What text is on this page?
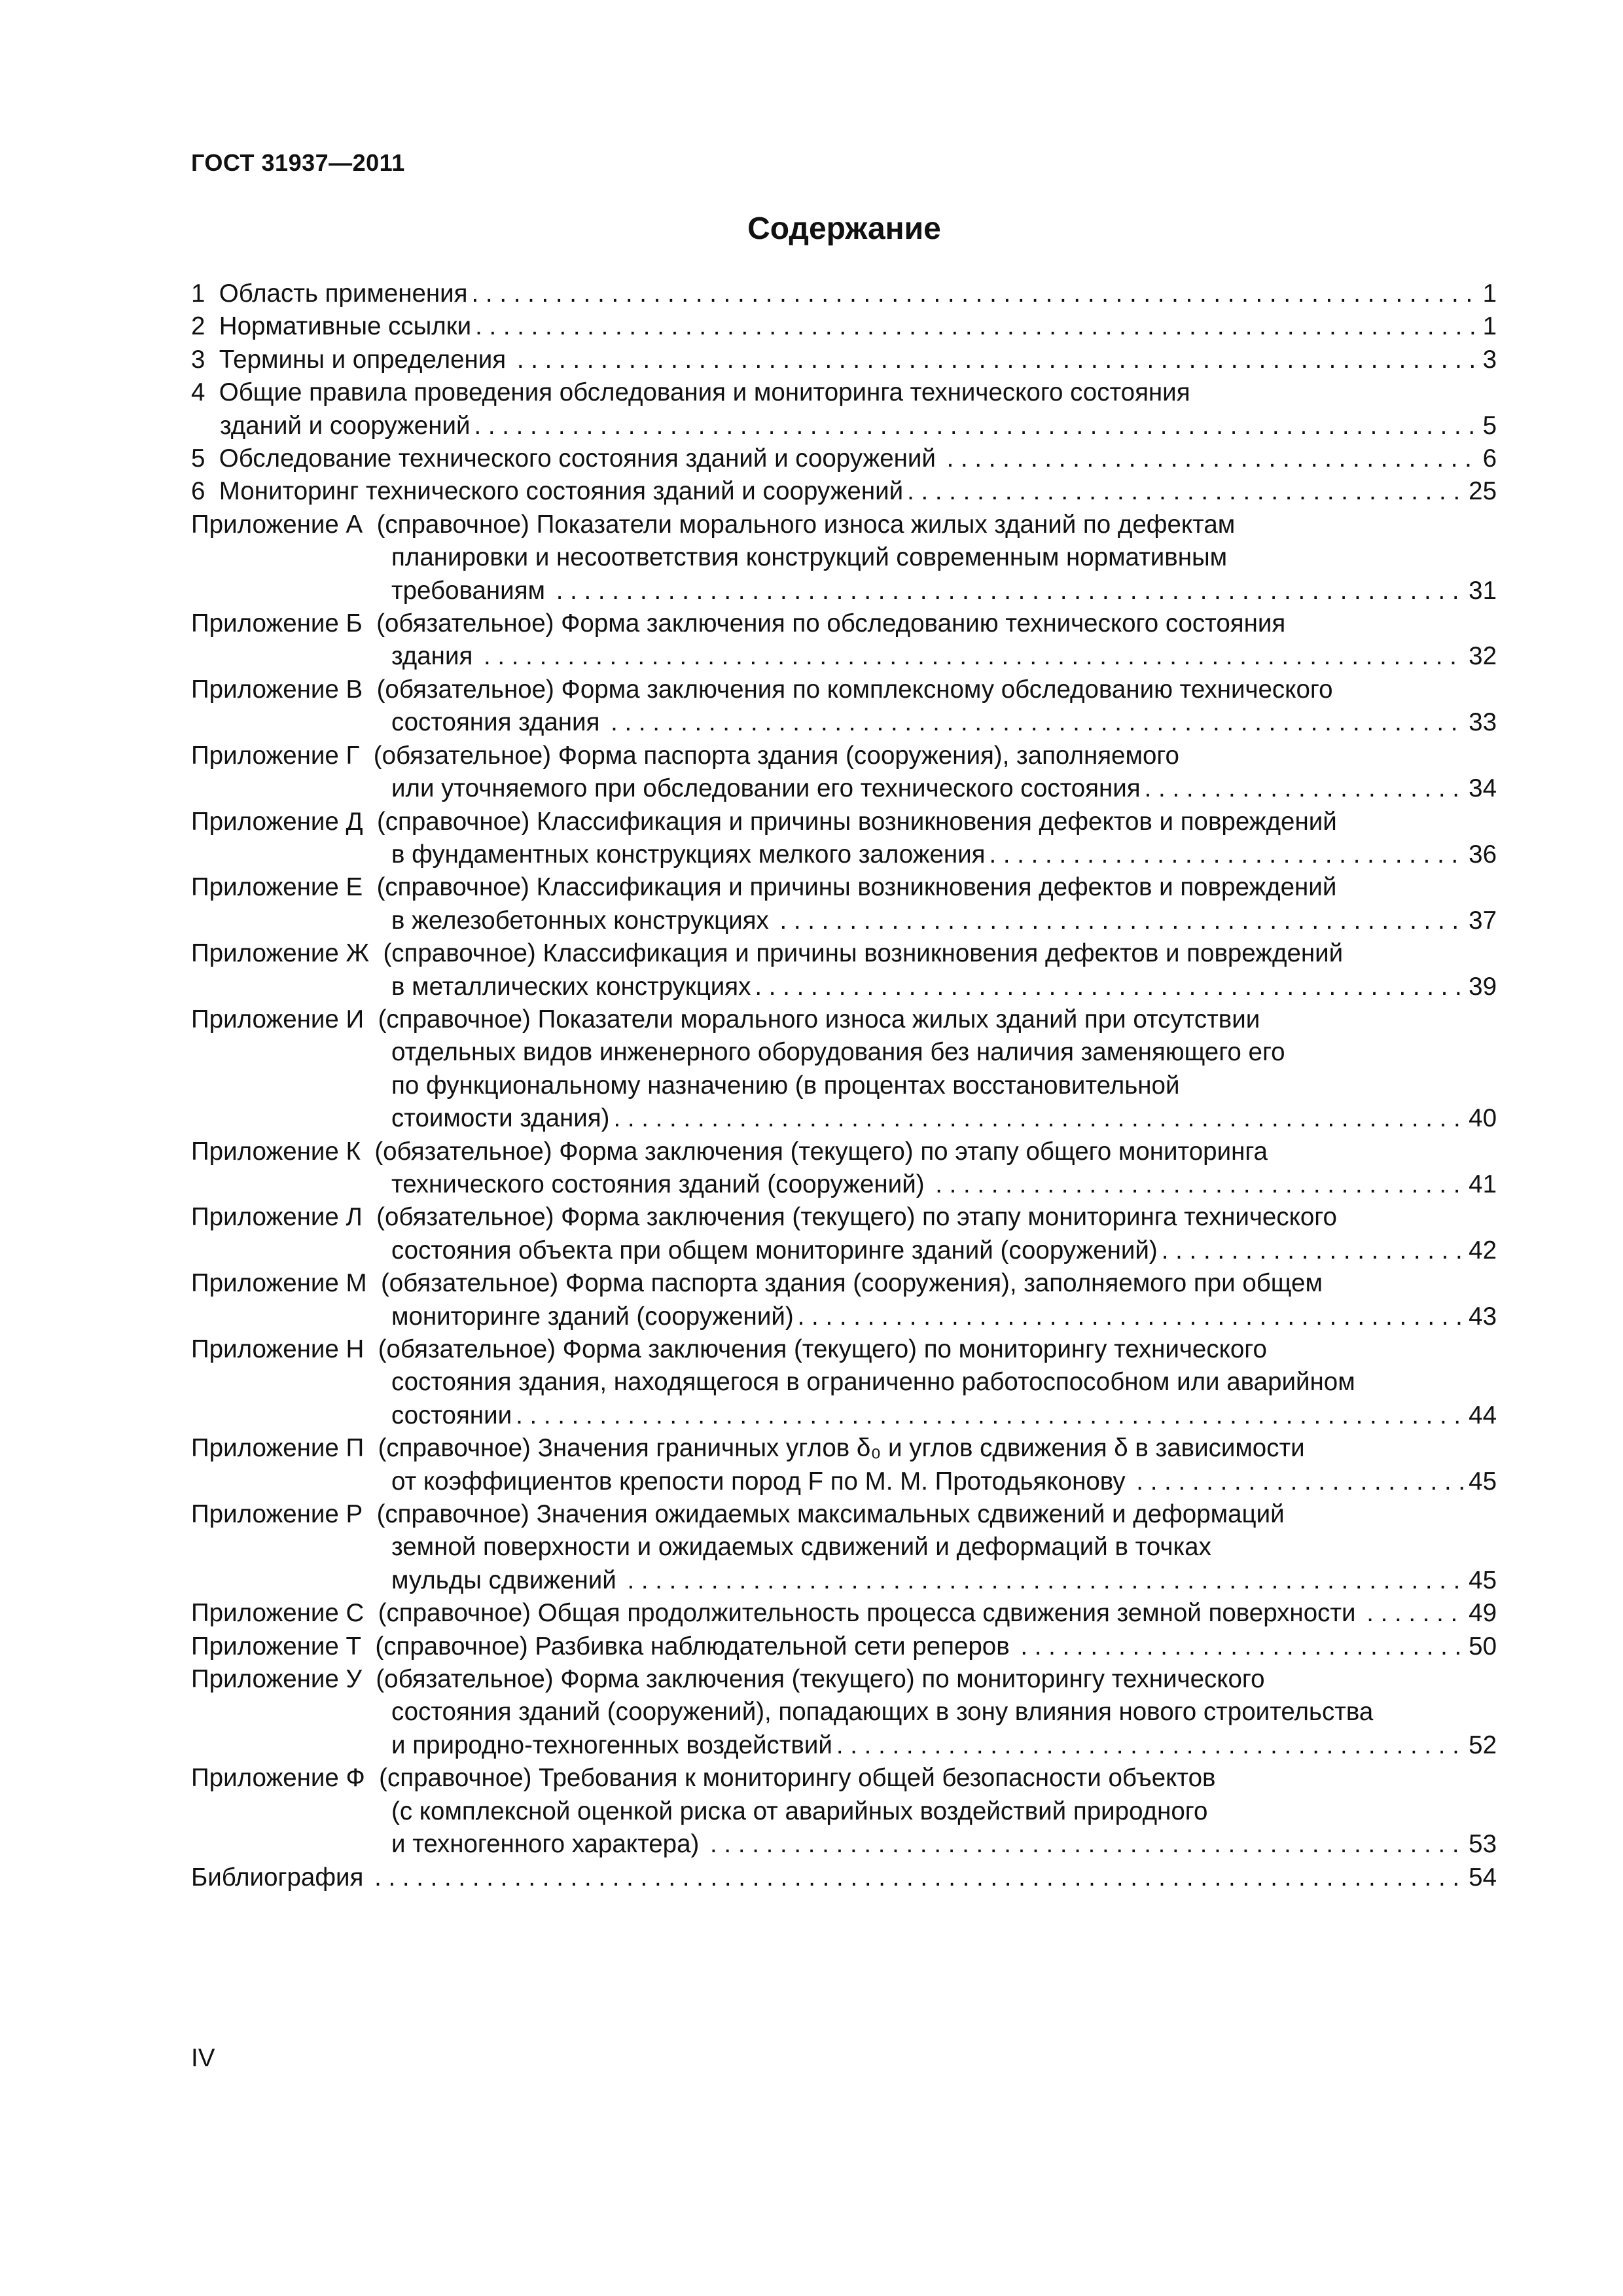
ГОСТ 31937—2011
Содержание
1  Область применения . . .	1
2  Нормативные ссылки . . .	1
3  Термины и определения . . .	3
4  Общие правила проведения обследования и мониторинга технического состояния
зданий и сооружений . . .	5
5  Обследование технического состояния зданий и сооружений . . .	6
6  Мониторинг технического состояния зданий и сооружений . . .	25
Приложение А  (справочное) Показатели морального износа жилых зданий по дефектам
планировки и несоответствия конструкций современным нормативным
требованиям . . .	31
Приложение Б  (обязательное) Форма заключения по обследованию технического состояния
здания . . .	32
Приложение В  (обязательное) Форма заключения по комплексному обследованию технического
состояния здания . . .	33
Приложение Г  (обязательное) Форма паспорта здания (сооружения), заполняемого
или уточняемого при обследовании его технического состояния . . .	34
Приложение Д  (справочное) Классификация и причины возникновения дефектов и повреждений
в фундаментных конструкциях мелкого заложения . . .	36
Приложение Е  (справочное) Классификация и причины возникновения дефектов и повреждений
в железобетонных конструкциях . . .	37
Приложение Ж  (справочное) Классификация и причины возникновения дефектов и повреждений
в металлических конструкциях . . .	39
Приложение И  (справочное) Показатели морального износа жилых зданий при отсутствии
отдельных видов инженерного оборудования без наличия заменяющего его
по функциональному назначению (в процентах восстановительной
стоимости здания) . . .	40
Приложение К  (обязательное) Форма заключения (текущего) по этапу общего мониторинга
технического состояния зданий (сооружений) . . .	41
Приложение Л  (обязательное) Форма заключения (текущего) по этапу мониторинга технического
состояния объекта при общем мониторинге зданий (сооружений) . . .	42
Приложение М  (обязательное) Форма паспорта здания (сооружения), заполняемого при общем
мониторинге зданий (сооружений) . . .	43
Приложение Н  (обязательное) Форма заключения (текущего) по мониторингу технического
состояния здания, находящегося в ограниченно работоспособном или аварийном
состоянии . . .	44
Приложение П  (справочное) Значения граничных углов δ₀ и углов сдвижения δ в зависимости
от коэффициентов крепости пород F по М. М. Протодьяконову . . .	45
Приложение Р  (справочное) Значения ожидаемых максимальных сдвижений и деформаций
земной поверхности и ожидаемых сдвижений и деформаций в точках
мульды сдвижений . . .	45
Приложение С  (справочное) Общая продолжительность процесса сдвижения земной поверхности . . .	49
Приложение Т  (справочное) Разбивка наблюдательной сети реперов . . .	50
Приложение У  (обязательное) Форма заключения (текущего) по мониторингу технического
состояния зданий (сооружений), попадающих в зону влияния нового строительства
и природно-техногенных воздействий . . .	52
Приложение Ф  (справочное) Требования к мониторингу общей безопасности объектов
(с комплексной оценкой риска от аварийных воздействий природного
и техногенного характера) . . .	53
Библиография . . .	54
IV
